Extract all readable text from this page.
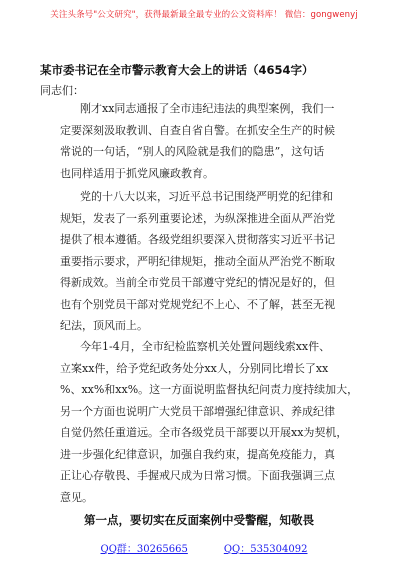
关注头条号"公文研究"，获得最新最全最专业的公文资料库！ 微信：gongwenyj
某市委书记在全市警示教育大会上的讲话（4654字）
同志们：
刚才xx同志通报了全市违纪违法的典型案例，我们一
定要深刻汲取教训、自查自省自警。在抓安全生产的时候
常说的一句话，“别人的风险就是我们的隐患”，这句话
也同样适用于抓党风廉政教育。
党的十八大以来，习近平总书记围绕严明党的纪律和
规矩，发表了一系列重要论述，为纵深推进全面从严治党
提供了根本遵循。各级党组织要深入贯彻落实习近平书记
重要指示要求，严明纪律规矩，推动全面从严治党不断取
得新成效。当前全市党员干部遵守党纪的情况是好的，但
也有个别党员干部对党规党纪不上心、不了解，甚至无视
纪法，顶风而上。
今年1-4月，全市纪检监察机关处置问题线索xx件、
立案xx件，给予党纪政务处分xx人，分别同比增长了xx
%、xx%和xx%。这一方面说明监督执纪问责力度持续加大，
另一个方面也说明广大党员干部增强纪律意识、养成纪律
自觉仍然任重道远。全市各级党员干部要以开展xx为契机，
进一步强化纪律意识，加强自我约束，提高免疫能力，真
正让心存敬畏、手握戒尺成为日常习惯。下面我强调三点
意见。
第一点，要切实在反面案例中受警醒，知敬畏
QQ群：30265665	QQ：535304092
